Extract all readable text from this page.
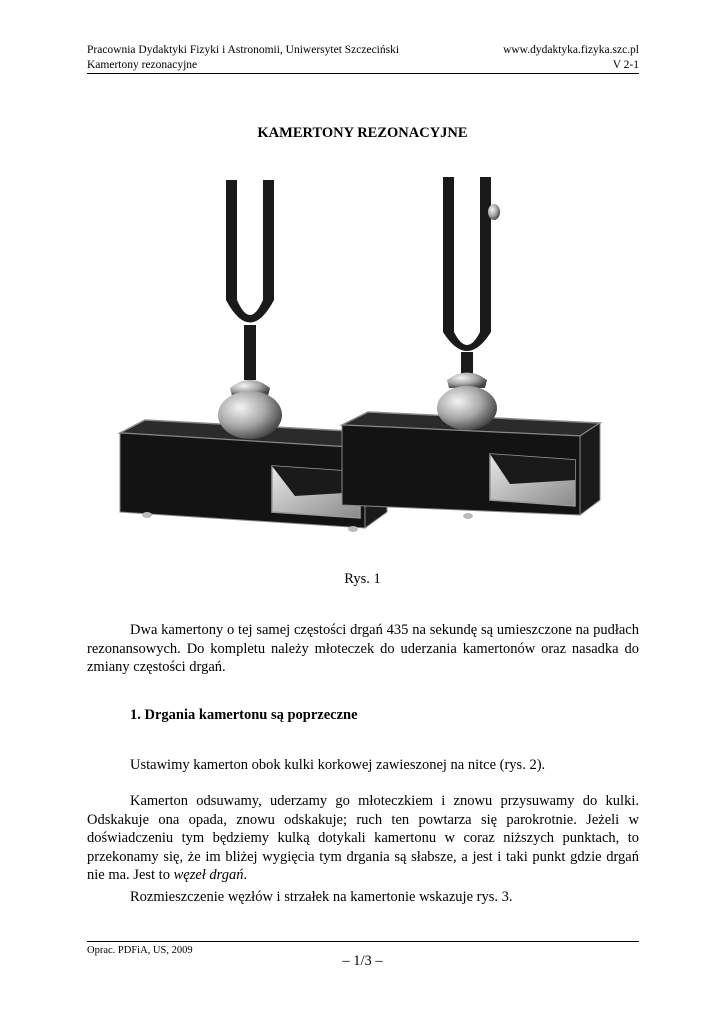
Pracownia Dydaktyki Fizyki i Astronomii, Uniwersytet Szczeciński	www.dydaktyka.fizyka.szc.pl
Kamertony rezonacyjne	V 2-1
KAMERTONY REZONACYJNE
Rys. 1

Dwa kamertony o tej samej częstości drgań 435 na sekundę są umieszczone na pudłach rezonansowych. Do kompletu należy młoteczek do uderzania kamertonów oraz nasadka do zmiany częstości drgań.

1. Drgania kamertonu są poprzeczne

Ustawimy kamerton obok kulki korkowej zawieszonej na nitce (rys. 2).

Kamerton odsuwamy, uderzamy go młoteczkiem i znowu przysuwamy do kulki. Odskakuje ona opada, znowu odskakuje; ruch ten powtarza się parokrotnie. Jeżeli w doświadczeniu tym będziemy kulką dotykali kamertonu w coraz niższych punktach, to przekonamy się, że im bliżej wygięcia tym drgania są słabsze, a jest i taki punkt gdzie drgań nie ma. Jest to węzeł drgań.

Rozmieszczenie węzłów i strzałek na kamertonie wskazuje rys. 3.

Oprac. PDFiA, US, 2009
– 1/3 –
